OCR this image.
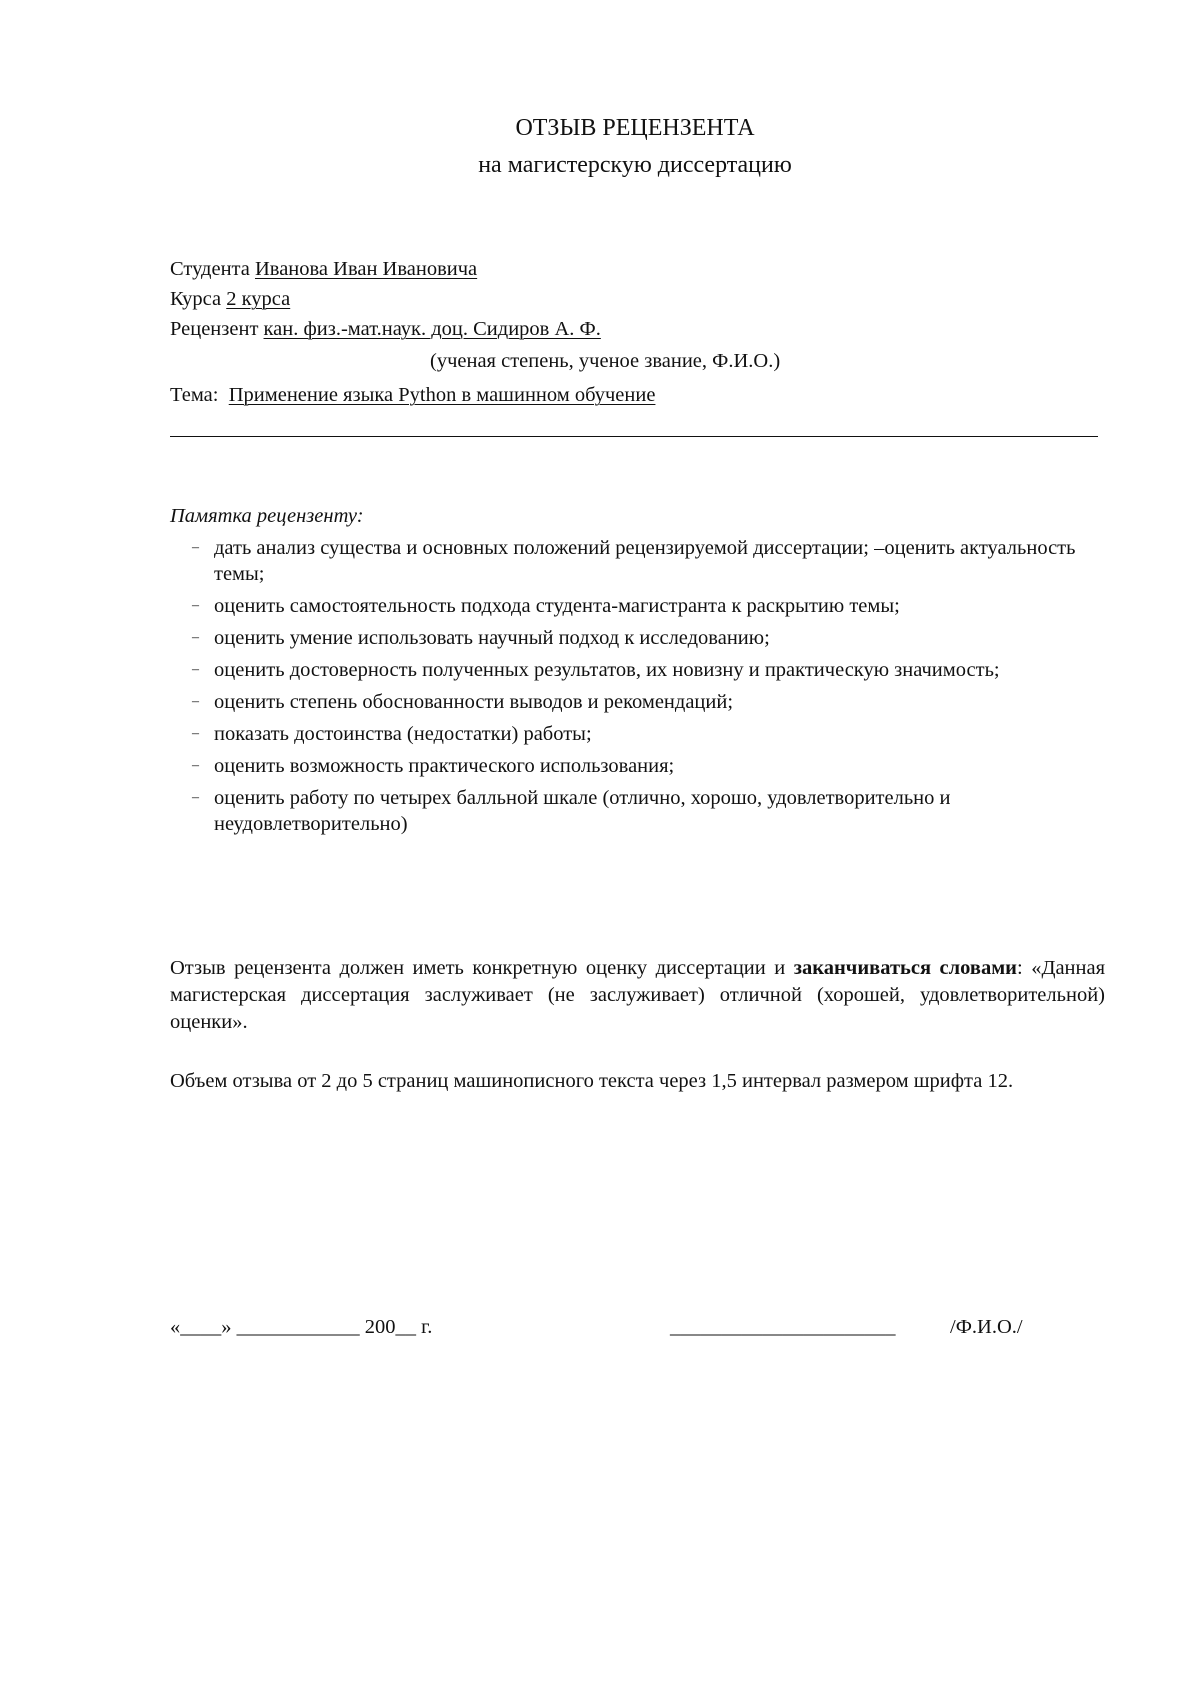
ОТЗЫВ РЕЦЕНЗЕНТА
на магистерскую диссертацию
Студента Иванова Иван Ивановича
Курса 2 курса
Рецензент кан. физ.-мат.наук. доц. Сидиров А. Ф.
(ученая степень, ученое звание, Ф.И.О.)
Тема: Применение языка Python в машинном обучение
Памятка рецензенту:
– дать анализ существа и основных положений рецензируемой диссертации; –оценить актуальность темы;
– оценить самостоятельность подхода студента-магистранта к раскрытию темы;
– оценить умение использовать научный подход к исследованию;
– оценить достоверность полученных результатов, их новизну и практическую значимость;
– оценить степень обоснованности выводов и рекомендаций;
– показать достоинства (недостатки) работы;
– оценить возможность практического использования;
– оценить работу по четырех балльной шкале (отлично, хорошо, удовлетворительно и неудовлетворительно)

Отзыв рецензента должен иметь конкретную оценку диссертации и заканчиваться словами: «Данная магистерская диссертация заслуживает (не заслуживает) отличной (хорошей, удовлетворительной) оценки».

Объем отзыва от 2 до 5 страниц машинописного текста через 1,5 интервал размером шрифта 12.

«____» ____________ 200__ г.	______________________	/Ф.И.О./
